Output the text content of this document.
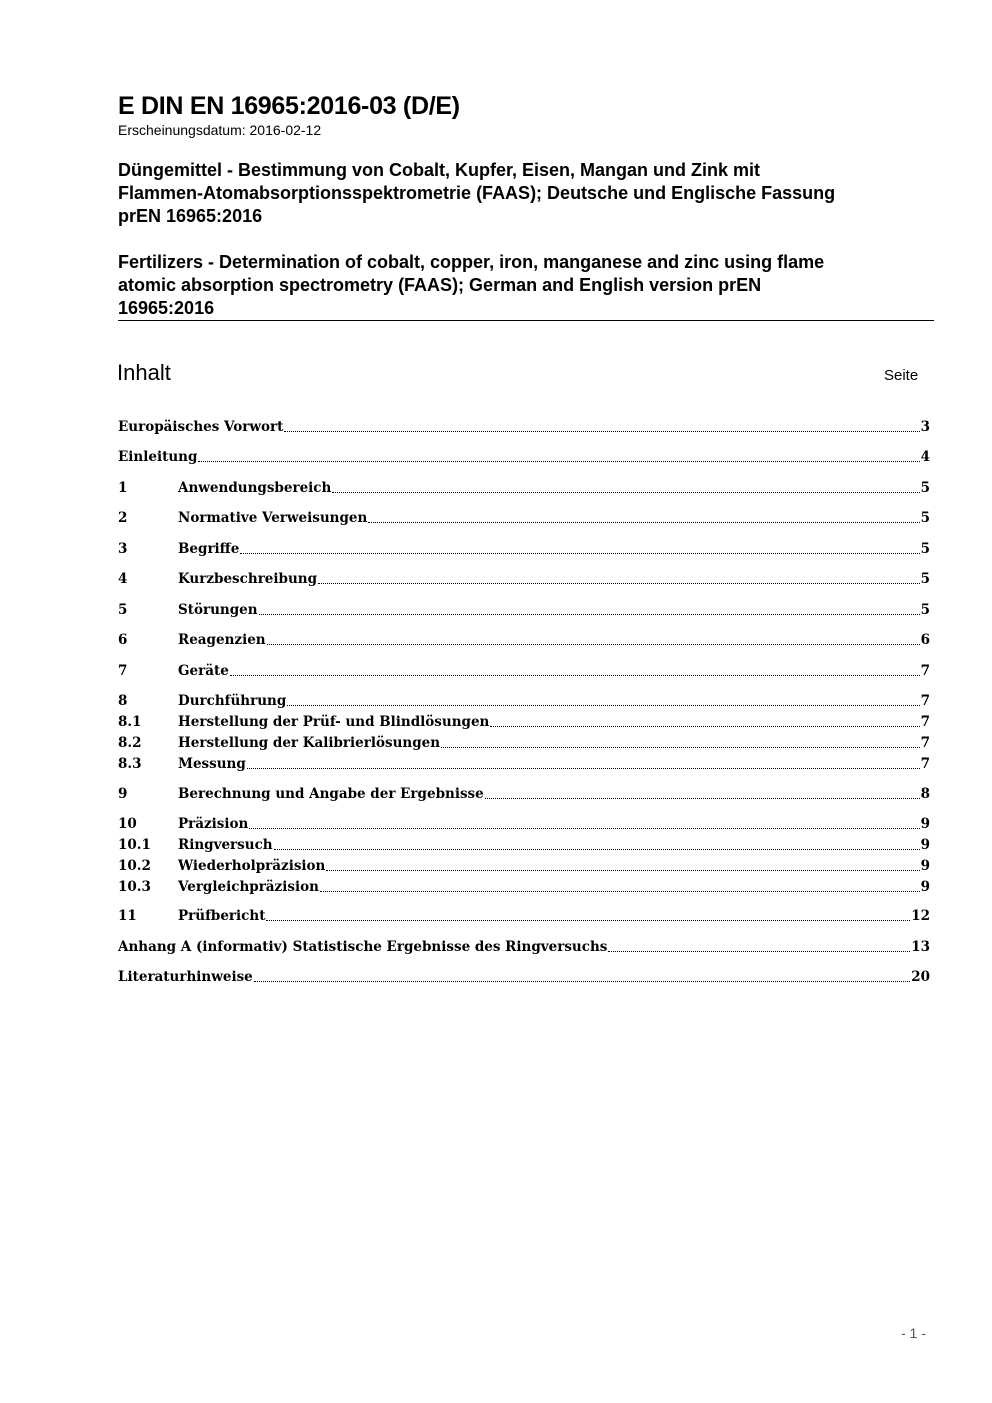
E DIN EN 16965:2016-03 (D/E)
Erscheinungsdatum: 2016-02-12
Düngemittel - Bestimmung von Cobalt, Kupfer, Eisen, Mangan und Zink mit
Flammen-Atomabsorptionsspektrometrie (FAAS); Deutsche und Englische Fassung
prEN 16965:2016
Fertilizers - Determination of cobalt, copper, iron, manganese and zinc using flame
atomic absorption spectrometry (FAAS); German and English version prEN
16965:2016
Inhalt	Seite
Europäisches Vorwort	3
Einleitung	4
1	Anwendungsbereich	5
2	Normative Verweisungen	5
3	Begriffe	5
4	Kurzbeschreibung	5
5	Störungen	5
6	Reagenzien	6
7	Geräte	7
8	Durchführung	7
8.1	Herstellung der Prüf- und Blindlösungen	7
8.2	Herstellung der Kalibrierlösungen	7
8.3	Messung	7
9	Berechnung und Angabe der Ergebnisse	8
10	Präzision	9
10.1	Ringversuch	9
10.2	Wiederholpräzision	9
10.3	Vergleichpräzision	9
11	Prüfbericht	12
Anhang A (informativ) Statistische Ergebnisse des Ringversuchs	13
Literaturhinweise	20
- 1 -
